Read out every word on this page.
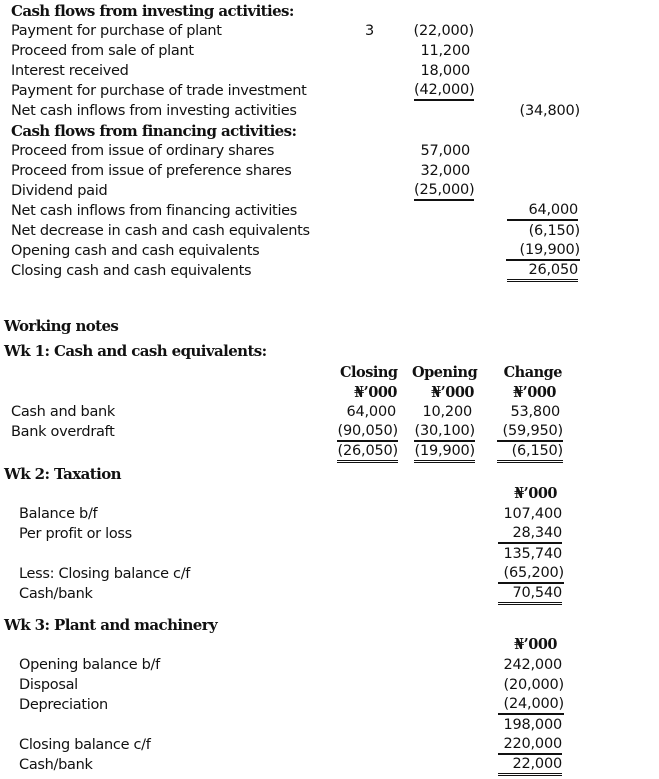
Cash flows from investing activities:
Payment for purchase of plant	3	(22,000)
Proceed from sale of plant	11,200
Interest received	18,000
Payment for purchase of trade investment	(42,000)
Net cash inflows from investing activities	(34,800)
Cash flows from financing activities:
Proceed from issue of ordinary shares	57,000
Proceed from issue of preference shares	32,000
Dividend paid	(25,000)
Net cash inflows from financing activities	64,000
Net decrease in cash and cash equivalents	(6,150)
Opening cash and cash equivalents	(19,900)
Closing cash and cash equivalents	26,050
Working notes
Wk 1: Cash and cash equivalents:
Closing Opening Change
₦’000	₦’000	₦’000
Cash and bank	64,000	10,200	53,800
Bank overdraft	(90,050) (30,100)	(59,950)
(26,050) (19,900)	(6,150)
Wk 2: Taxation
₦’000
Balance b/f	107,400
Per profit or loss	28,340
135,740
Less: Closing balance c/f	(65,200)
Cash/bank	70,540
Wk 3: Plant and machinery
₦’000
Opening balance b/f	242,000
Disposal	(20,000)
Depreciation	(24,000)
198,000
Closing balance c/f	220,000
Cash/bank	22,000
